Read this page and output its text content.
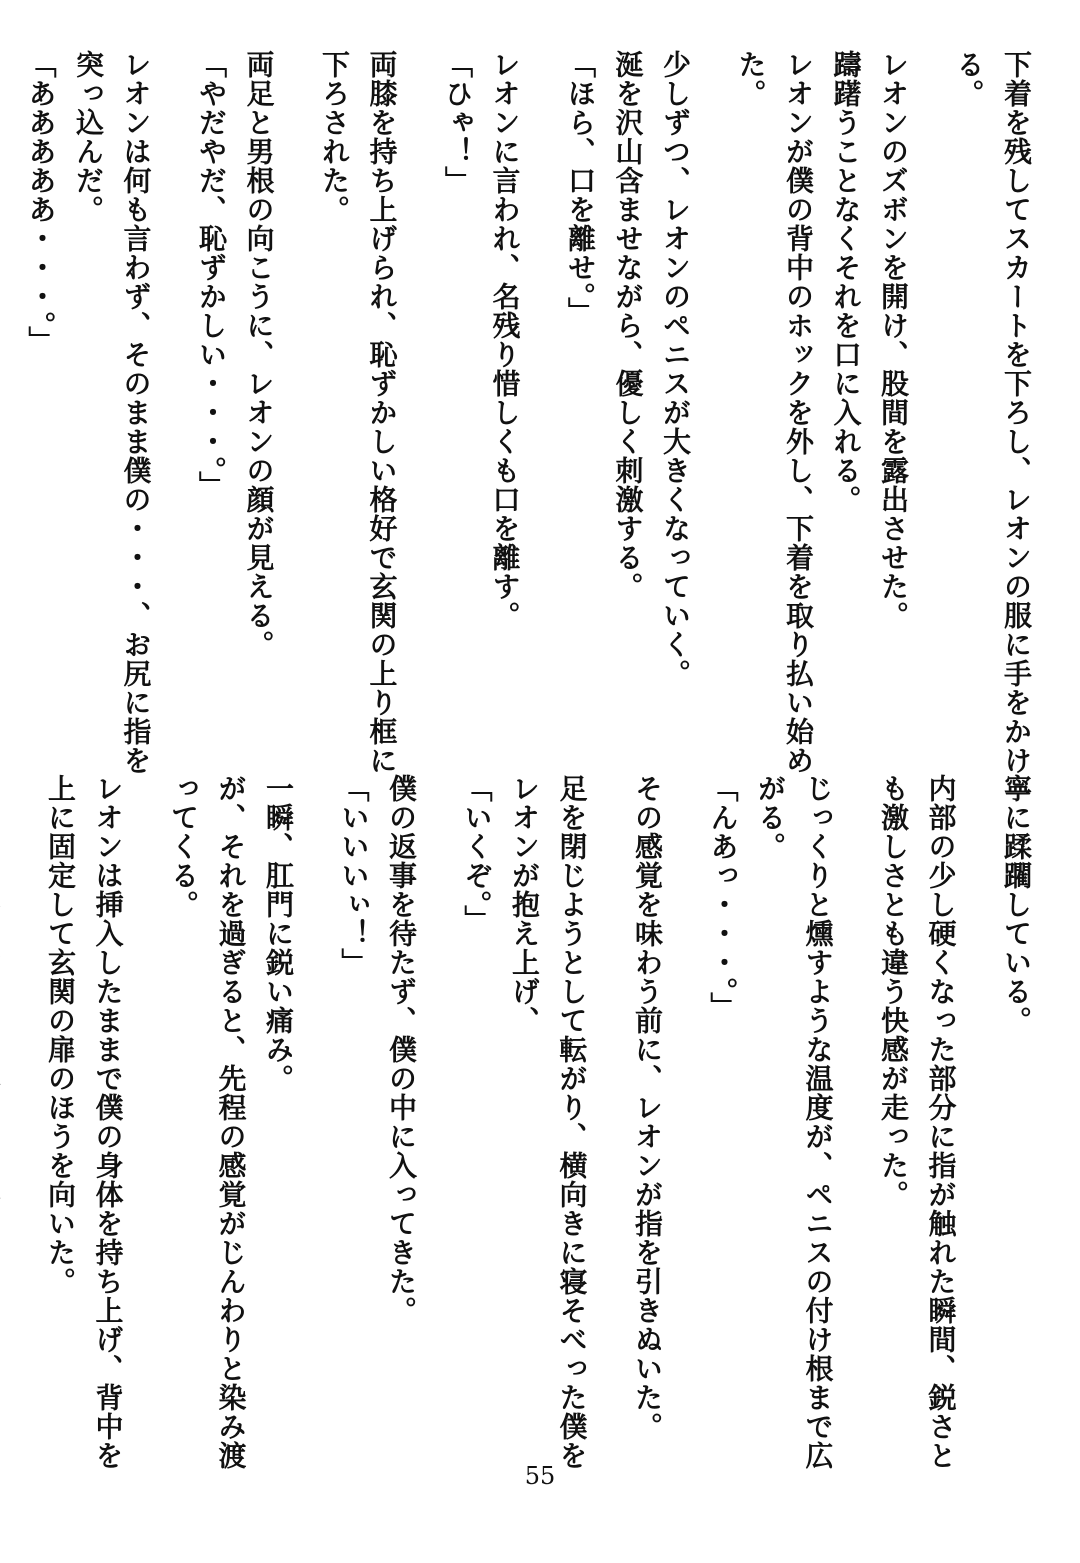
下着を残してスカートを下ろし、レオンの服に手をかけ
る。
レオンのズボンを開け、股間を露出させた。
躊躇うことなくそれを口に入れる。
レオンが僕の背中のホックを外し、下着を取り払い始め
た。
少しずつ、レオンのペニスが大きくなっていく。
涎を沢山含ませながら、優しく刺激する。
「ほら、口を離せ。」
レオンに言われ、名残り惜しくも口を離す。
「ひゃ！」
両膝を持ち上げられ、恥ずかしい格好で玄関の上り框に
下ろされた。
両足と男根の向こうに、レオンの顔が見える。
「やだやだ、恥ずかしい・・・。」
レオンは何も言わず、そのまま僕の・・・、お尻に指を
突っ込んだ。
「あああああ・・・。」
寧に蹂躙している。
内部の少し硬くなった部分に指が触れた瞬間、鋭さと
も激しさとも違う快感が走った。
じっくりと燻すような温度が、ペニスの付け根まで広
がる。
「んあっ・・・。」
その感覚を味わう前に、レオンが指を引きぬいた。
足を閉じようとして転がり、横向きに寝そべった僕を
レオンが抱え上げ、
「いくぞ。」
僕の返事を待たず、僕の中に入ってきた。
「いいいぃ！」
一瞬、肛門に鋭い痛み。
が、それを過ぎると、先程の感覚がじんわりと染み渡
ってくる。
レオンは挿入したままで僕の身体を持ち上げ、背中を
上に固定して玄関の扉のほうを向いた。
55
